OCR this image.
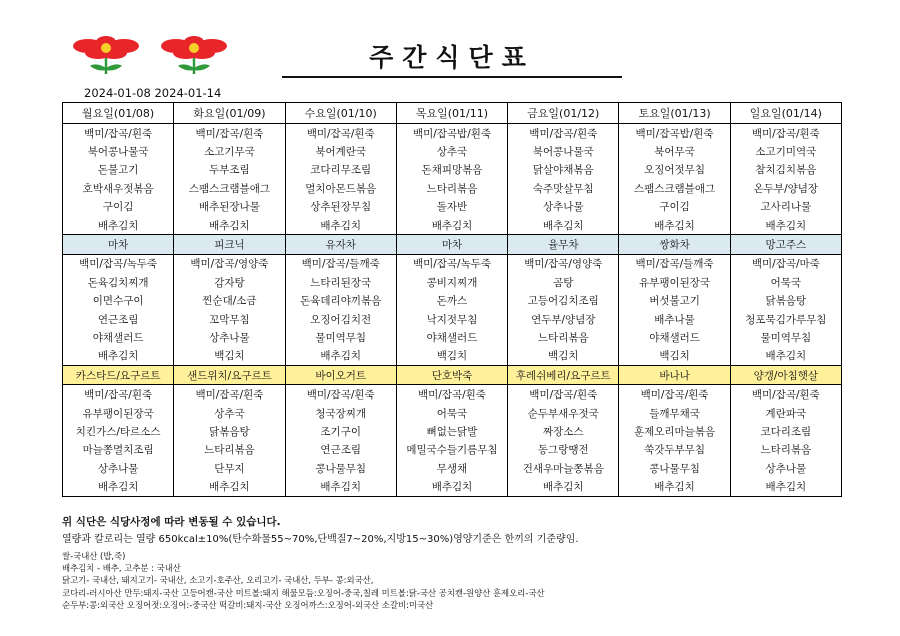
주간식단표
2024-01-08 2024-01-14
월요일(01/08)	화요일(01/09)	수요일(01/10)	목요일(01/11)	금요일(01/12)	토요일(01/13)	일요일(01/14)
백미/잡곡/흰죽	백미/잡곡/흰죽	백미/잡곡/흰죽	백미/잡곡밥/흰죽	백미/잡곡/흰죽	백미/잡곡밥/흰죽	백미/잡곡/흰죽
북어콩나물국	소고기무국	북어계란국	상추국	북어콩나물국	북어무국	소고기미역국
돈불고기	두부조림	코다리무조림	돈채피망볶음	닭살야채볶음	오징어젓무침	참치김치볶음
호박새우젓볶음	스팸스크램블애그	멸치아몬드볶음	느타리볶음	숙주맛살무침	스팸스크램블애그	온두부/양념장
구이김	배추된장나물	상추된장무침	돌자반	상추나물	구이김	고사리나물
배추김치	배추김치	배추김치	배추김치	배추김치	배추김치	배추김치
마차	피크닉	유자차	마차	율무차	쌍화차	망고주스
백미/잡곡/녹두죽	백미/잡곡/영양죽	백미/잡곡/들깨죽	백미/잡곡/녹두죽	백미/잡곡/영양죽	백미/잡곡/들깨죽	백미/잡곡/마죽
돈육김치찌개	감자탕	느타리된장국	콩비지찌개	곰탕	유부팽이된장국	어묵국
이면수구이	찐순대/소금	돈육데리야끼볶음	돈까스	고등어김치조림	버섯불고기	닭볶음탕
연근조림	꼬막무침	오징어김치전	낙지젓무침	연두부/양념장	배추나물	청포묵김가루무침
야채샐러드	상추나물	물미역무침	야채샐러드	느타리볶음	야채샐러드	물미역무침
배추김치	백김치	배추김치	백김치	백김치	백김치	배추김치
카스타드/요구르트	샌드위치/요구르트	바이오거트	단호박죽	후레쉬베리/요구르트	바나나	양갱/아침햇살
백미/잡곡/흰죽	백미/잡곡/흰죽	백미/잡곡/흰죽	백미/잡곡/흰죽	백미/잡곡/흰죽	백미/잡곡/흰죽	백미/잡곡/흰죽
유부팽이된장국	상추국	청국장찌개	어묵국	순두부새우젓국	들깨무채국	계란파국
치킨가스/타르소스	닭볶음탕	조기구이	뼈없는닭발	짜장소스	훈제오리마늘볶음	코다리조림
마늘쫑멸치조림	느타리볶음	연근조림	메밀국수들기름무침	동그랑땡전	쑥갓두부무침	느타리볶음
상추나물	단무지	콩나물무침	무생채	건새우마늘쫑볶음	콩나물무침	상추나물
배추김치	배추김치	배추김치	배추김치	배추김치	배추김치	배추김치
위 식단은 식당사정에 따라 변동될 수 있습니다.
열량과 칼로리는 열량 650kcal±10%(탄수화물55~70%,단백질7~20%,지방15~30%)영양기준은 한끼의 기준량임.
쌀-국내산 (밥,죽)
배추김치 - 배추, 고추분 : 국내산
닭고기- 국내산, 돼지고기- 국내산, 소고기-호주산, 오리고기- 국내산, 두부- 콩:외국산,
코다리-러시아산 만두:돼지-국산 고등어캔-국산 미트볼:돼지 해물모듬:오징어-중국,칠레 미트볼:닭-국산 공치캔-원양산 훈제오리-국산
순두부:콩:외국산 오징어젓:오징어:-중국산 떡갈비:돼지-국산 오징어까스:오징어-외국산 소갈비:미국산
